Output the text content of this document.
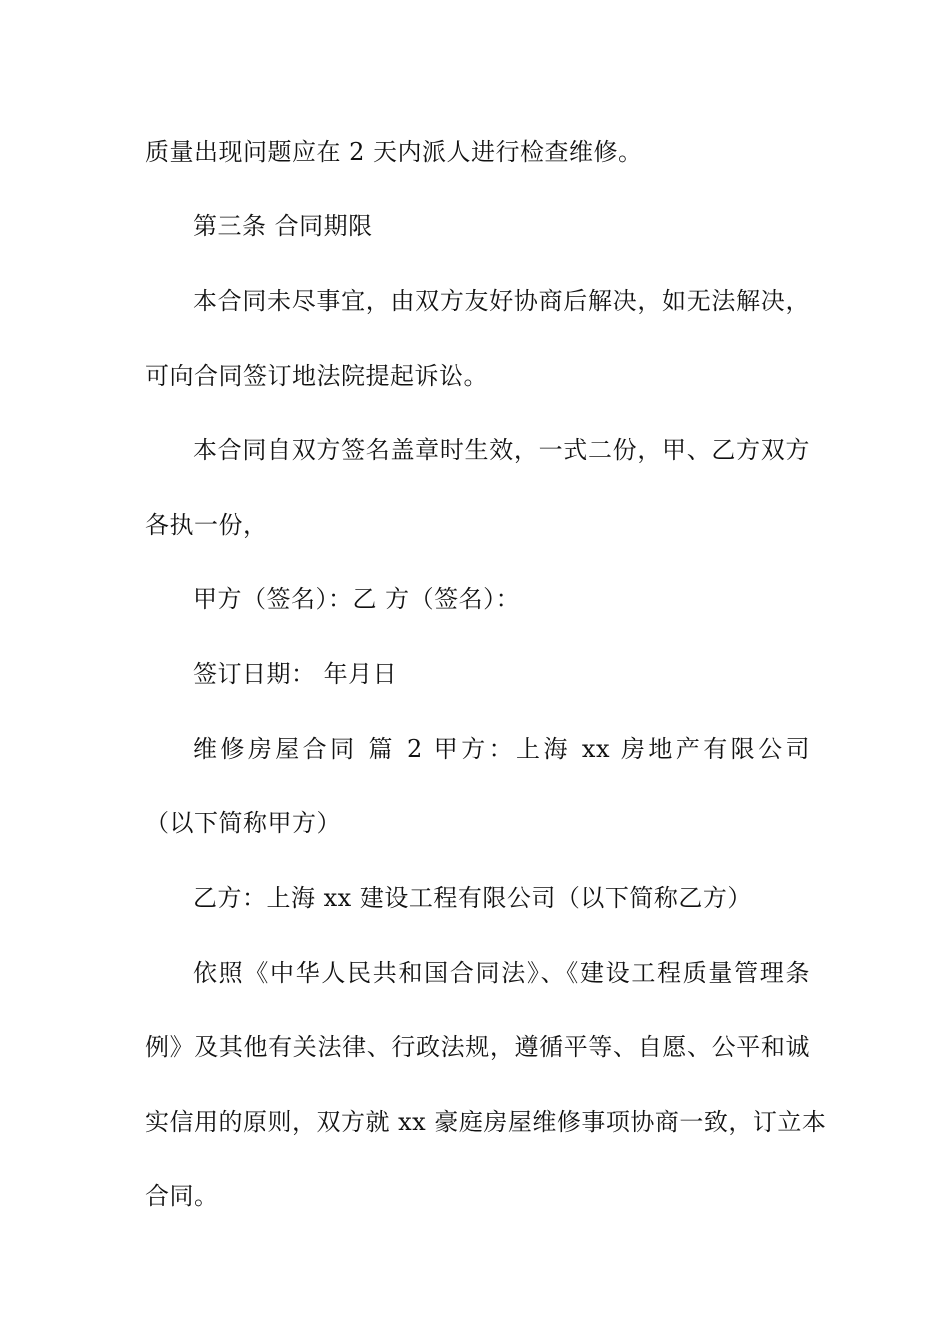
质量出现问题应在 2 天内派人进行检查维修。
第三条 合同期限
本合同未尽事宜，由双方友好协商后解决，如无法解决，
可向合同签订地法院提起诉讼。
本合同自双方签名盖章时生效，一式二份，甲、乙方双方
各执一份，
甲方（签名）：乙 方（签名）：
签订日期： 年月日
维修房屋合同 篇 2 甲方：上海 xx 房地产有限公司
（以下简称甲方）
乙方：上海 xx 建设工程有限公司（以下简称乙方）
依照《中华人民共和国合同法》、《建设工程质量管理条
例》及其他有关法律、行政法规，遵循平等、自愿、公平和诚
实信用的原则，双方就 xx 豪庭房屋维修事项协商一致，订立本
合同。
